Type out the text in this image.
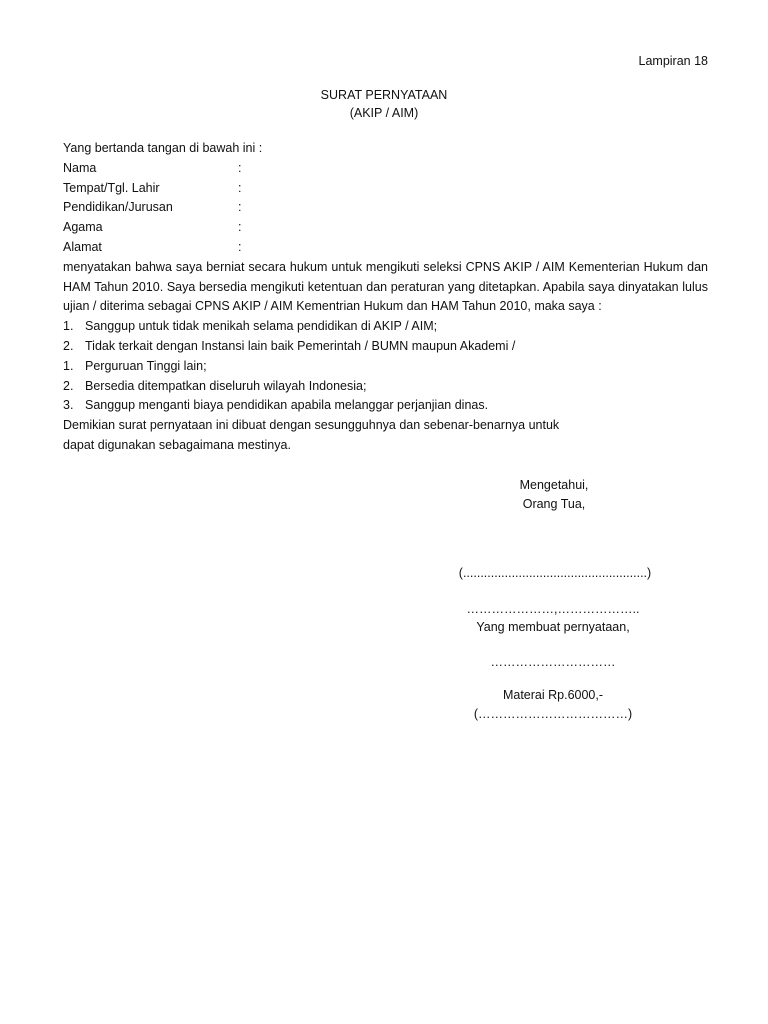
Lampiran 18
SURAT PERNYATAAN
(AKIP / AIM)
Yang bertanda tangan di bawah ini :
Nama	:
Tempat/Tgl. Lahir	:
Pendidikan/Jurusan	:
Agama	:
Alamat	:
menyatakan bahwa saya berniat secara hukum untuk mengikuti seleksi CPNS AKIP / AIM Kementerian Hukum dan HAM Tahun 2010. Saya bersedia mengikuti ketentuan dan peraturan yang ditetapkan. Apabila saya dinyatakan lulus ujian / diterima sebagai CPNS AKIP / AIM Kementrian Hukum dan HAM Tahun 2010, maka saya :
1. Sanggup untuk tidak menikah selama pendidikan di AKIP / AIM;
2. Tidak terkait dengan Instansi lain baik Pemerintah / BUMN maupun Akademi /
1. Perguruan Tinggi lain;
2. Bersedia ditempatkan diseluruh wilayah Indonesia;
3. Sanggup menganti biaya pendidikan apabila melanggar perjanjian dinas.
Demikian surat pernyataan ini dibuat dengan sesungguhnya dan sebenar-benarnya untuk
dapat digunakan sebagaimana mestinya.
Mengetahui,
Orang Tua,
(.....................................................)
…………………,………………..
Yang membuat pernyataan,
…………………………
Materai Rp.6000,-
(………………………………)
